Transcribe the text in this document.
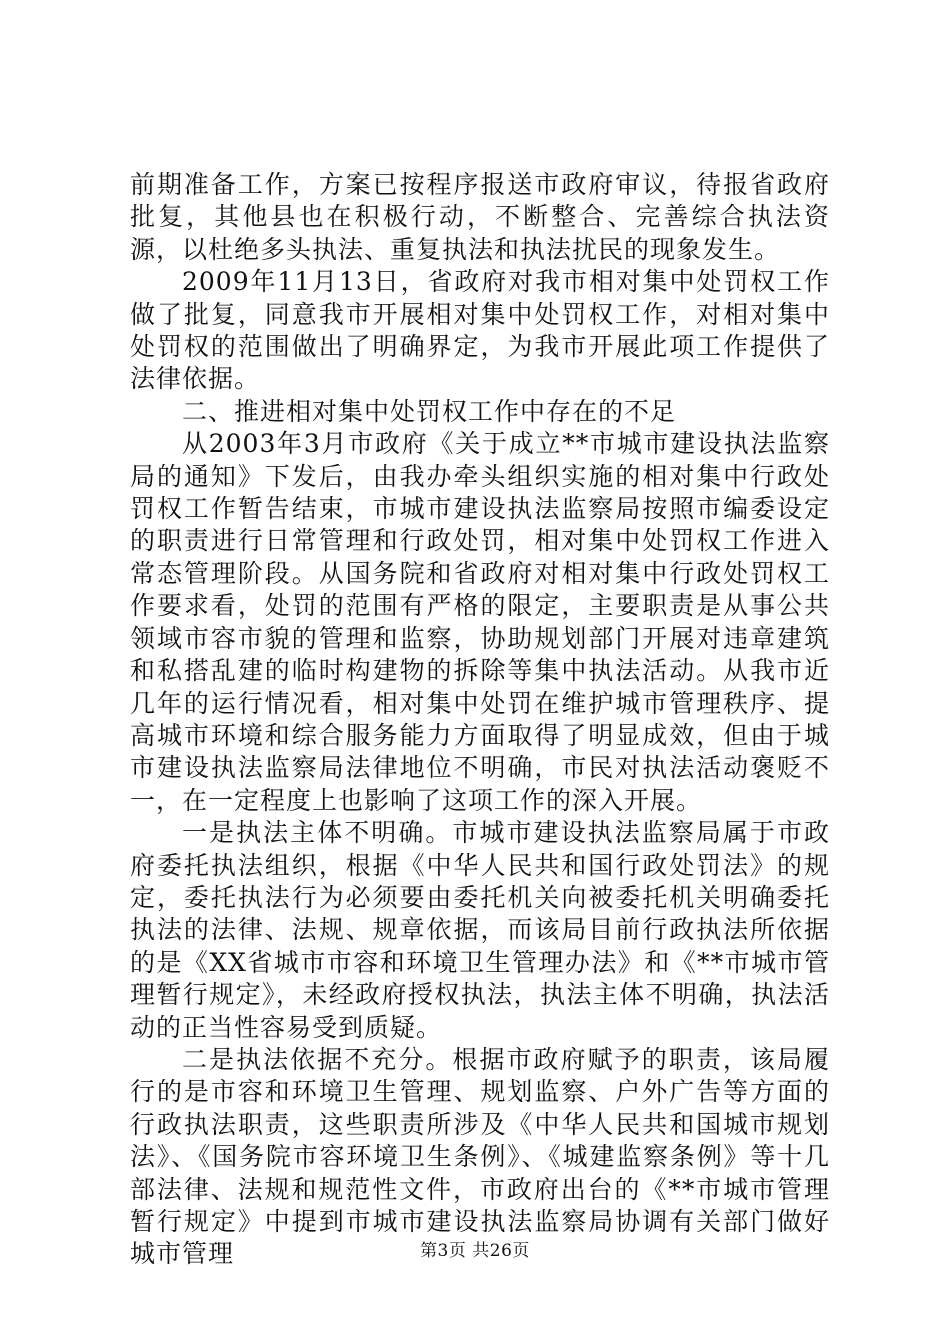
前期准备工作，方案已按程序报送市政府审议，待报省政府批复，其他县也在积极行动，不断整合、完善综合执法资源，以杜绝多头执法、重复执法和执法扰民的现象发生。

2009年11月13日，省政府对我市相对集中处罚权工作做了批复，同意我市开展相对集中处罚权工作，对相对集中处罚权的范围做出了明确界定，为我市开展此项工作提供了法律依据。

二、推进相对集中处罚权工作中存在的不足

从2003年3月市政府《关于成立**市城市建设执法监察局的通知》下发后，由我办牵头组织实施的相对集中行政处罚权工作暂告结束，市城市建设执法监察局按照市编委设定的职责进行日常管理和行政处罚，相对集中处罚权工作进入常态管理阶段。从国务院和省政府对相对集中行政处罚权工作要求看，处罚的范围有严格的限定，主要职责是从事公共领域市容市貌的管理和监察，协助规划部门开展对违章建筑和私搭乱建的临时构建物的拆除等集中执法活动。从我市近几年的运行情况看，相对集中处罚在维护城市管理秩序、提高城市环境和综合服务能力方面取得了明显成效，但由于城市建设执法监察局法律地位不明确，市民对执法活动褒贬不一，在一定程度上也影响了这项工作的深入开展。

一是执法主体不明确。市城市建设执法监察局属于市政府委托执法组织，根据《中华人民共和国行政处罚法》的规定，委托执法行为必须要由委托机关向被委托机关明确委托执法的法律、法规、规章依据，而该局目前行政执法所依据的是《XX省城市市容和环境卫生管理办法》和《**市城市管理暂行规定》，未经政府授权执法，执法主体不明确，执法活动的正当性容易受到质疑。

二是执法依据不充分。根据市政府赋予的职责，该局履行的是市容和环境卫生管理、规划监察、户外广告等方面的行政执法职责，这些职责所涉及《中华人民共和国城市规划法》、《国务院市容环境卫生条例》、《城建监察条例》等十几部法律、法规和规范性文件，市政府出台的《**市城市管理暂行规定》中提到市城市建设执法监察局协调有关部门做好城市管理	第3页 共26页
